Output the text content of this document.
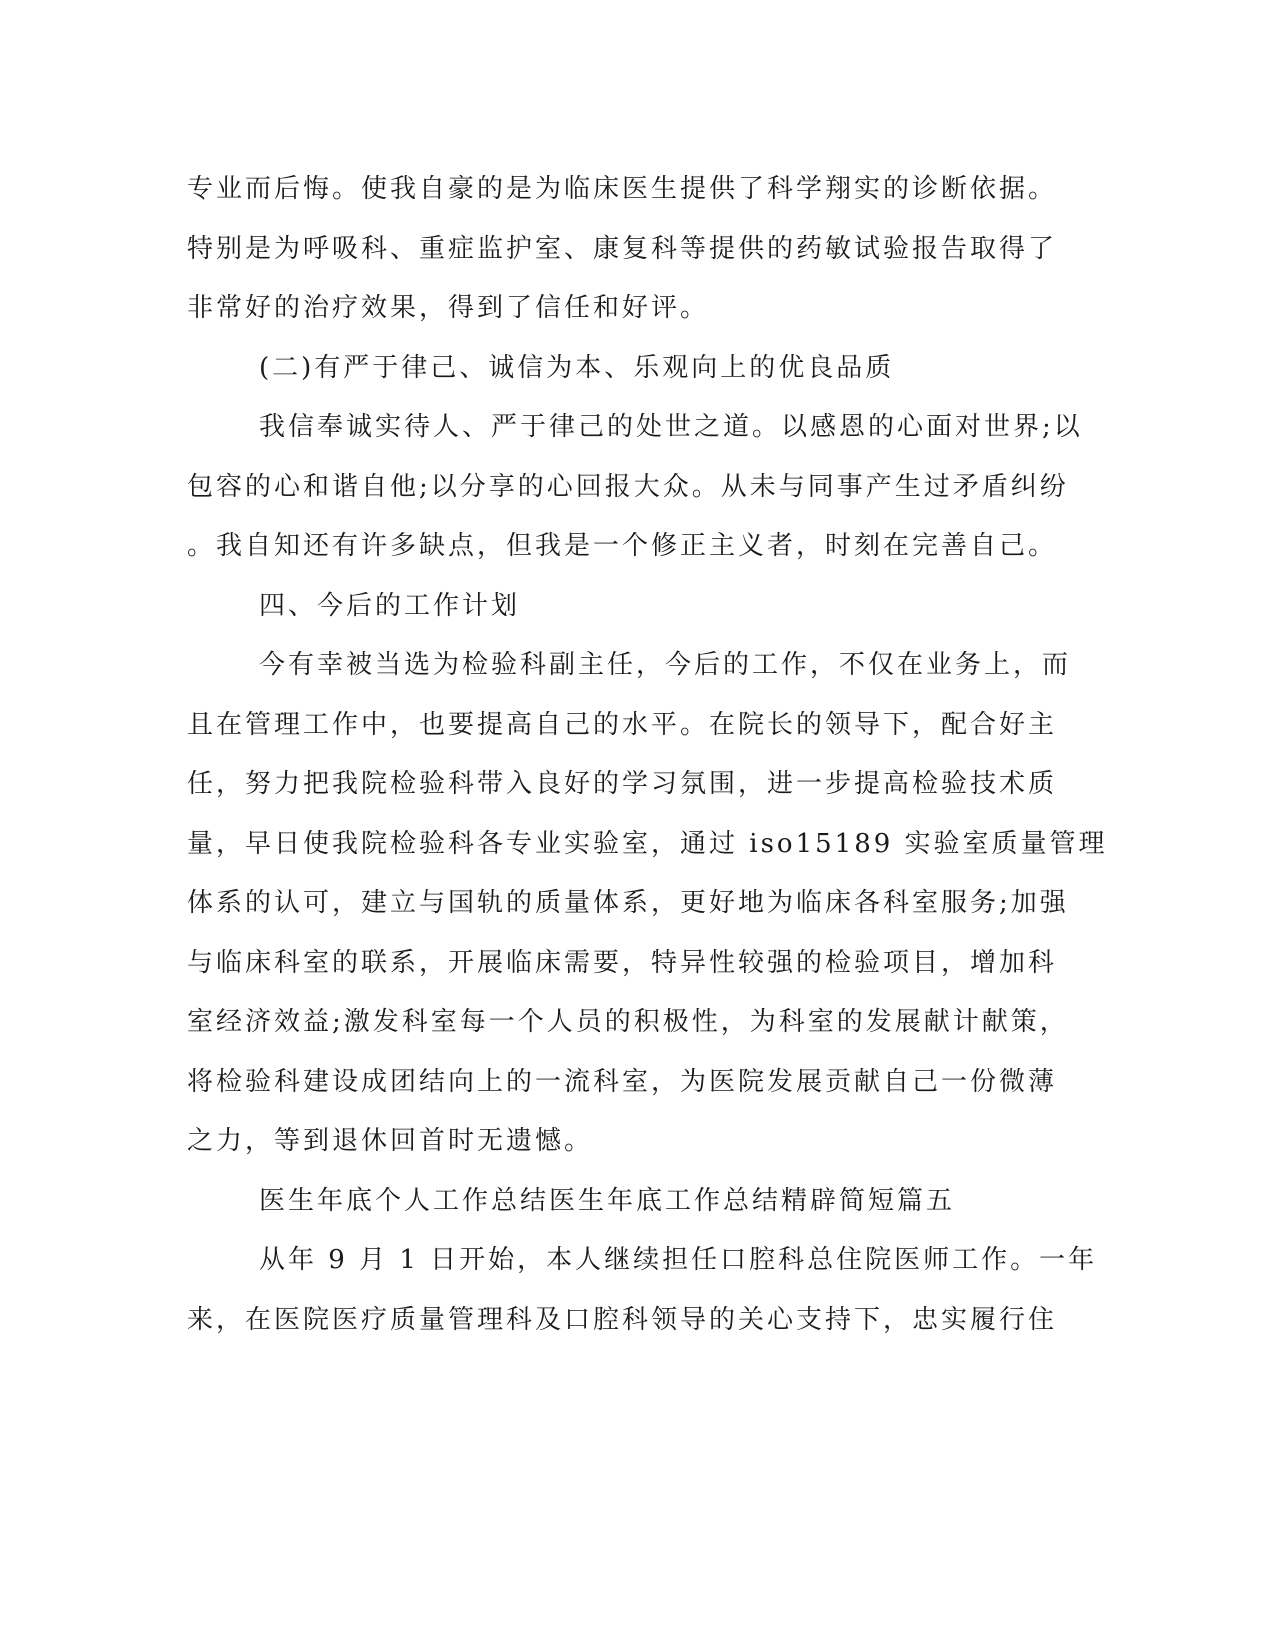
专业而后悔。使我自豪的是为临床医生提供了科学翔实的诊断依据。

特别是为呼吸科、重症监护室、康复科等提供的药敏试验报告取得了

非常好的治疗效果，得到了信任和好评。

(二)有严于律己、诚信为本、乐观向上的优良品质

我信奉诚实待人、严于律己的处世之道。以感恩的心面对世界;以

包容的心和谐自他;以分享的心回报大众。从未与同事产生过矛盾纠纷

。我自知还有许多缺点，但我是一个修正主义者，时刻在完善自己。

四、今后的工作计划

今有幸被当选为检验科副主任，今后的工作，不仅在业务上，而

且在管理工作中，也要提高自己的水平。在院长的领导下，配合好主

任，努力把我院检验科带入良好的学习氛围，进一步提高检验技术质

量，早日使我院检验科各专业实验室，通过 iso15189 实验室质量管理

体系的认可，建立与国轨的质量体系，更好地为临床各科室服务;加强

与临床科室的联系，开展临床需要，特异性较强的检验项目，增加科

室经济效益;激发科室每一个人员的积极性，为科室的发展献计献策，

将检验科建设成团结向上的一流科室，为医院发展贡献自己一份微薄

之力，等到退休回首时无遗憾。

医生年底个人工作总结医生年底工作总结精辟简短篇五

从年 9 月 1 日开始，本人继续担任口腔科总住院医师工作。一年

来，在医院医疗质量管理科及口腔科领导的关心支持下，忠实履行住
